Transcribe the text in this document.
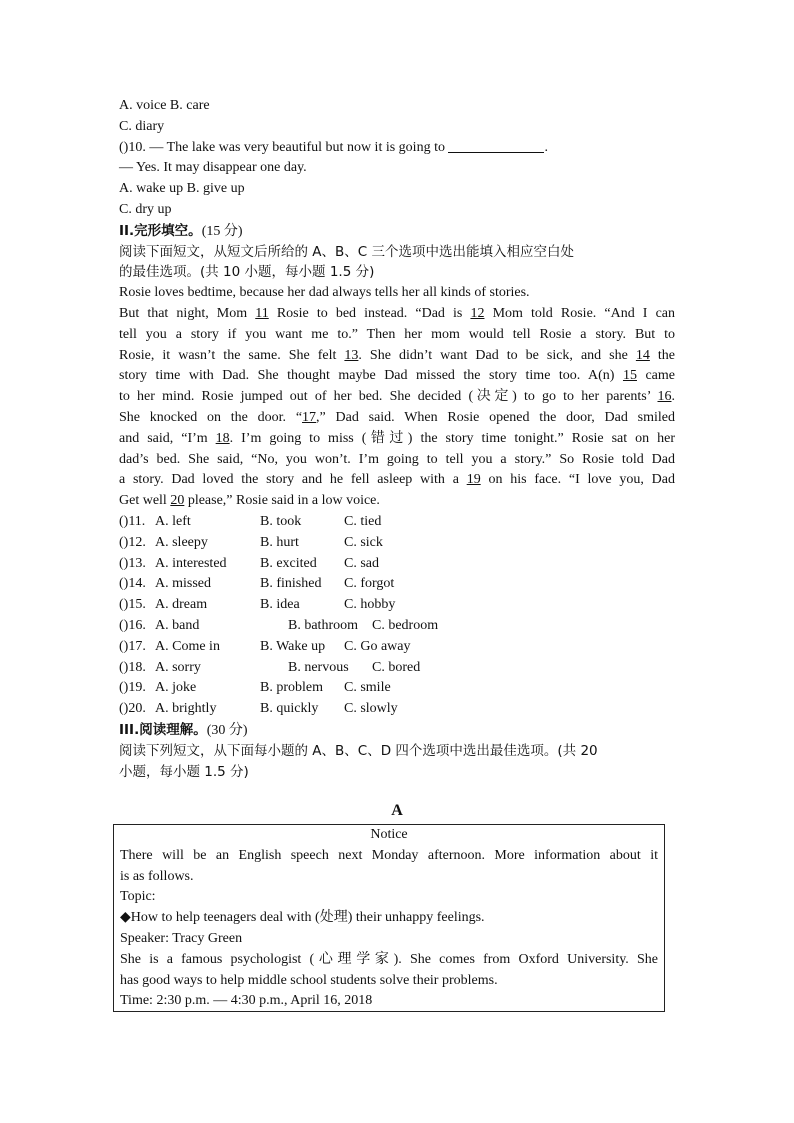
A. voice B. care
C. diary
()10. — The lake was very beautiful but now it is going to	.
— Yes. It may disappear one day.
A. wake up B. give up
C. dry up
II.完形填空。(15 分)
阅读下面短文，从短文后所给的 A、B、C 三个选项中选出能填入相应空白处
的最佳选项。(共 10 小题，每小题 1.5 分)
Rosie loves bedtime, because her dad always tells her all kinds of stories.
But that night, Mom 11 Rosie to bed instead. “Dad is 12 Mom told Rosie. “And I can
tell you a story if you want me to.” Then her mom would tell Rosie a story. But to
Rosie, it wasn’t the same. She felt 13. She didn’t want Dad to be sick, and she 14 the
story time with Dad. She thought maybe Dad missed the story time too. A(n) 15 came
to her mind. Rosie jumped out of her bed. She decided (决定) to go to her parents’ 16.
She knocked on the door. “17,” Dad said. When Rosie opened the door, Dad smiled
and said, “I’m 18. I’m going to miss (错过) the story time tonight.” Rosie sat on her
dad’s bed. She said, “No, you won’t. I’m going to tell you a story.” So Rosie told Dad
a story. Dad loved the story and he fell asleep with a 19 on his face. “I love you, Dad
Get well 20 please,” Rosie said in a low voice.
()11. A. left	B. took	C. tied
()12. A. sleepy	B. hurt	C. sick
()13. A. interested B. excited C. sad
()14. A. missed	B. finished C. forgot
()15. A. dream	B. idea	C. hobby
()16. A. band	B. bathroom C. bedroom
()17. A. Come in	B. Wake up C. Go away
()18. A. sorry	B. nervous C. bored
()19. A. joke	B. problem C. smile
()20. A. brightly	B. quickly C. slowly
III.阅读理解。(30 分)
阅读下列短文，从下面每小题的 A、B、C、D 四个选项中选出最佳选项。(共 20
小题，每小题 1.5 分)
A
Notice
There will be an English speech next Monday afternoon. More information about it
is as follows.
Topic:
◆How to help teenagers deal with (处理) their unhappy feelings.
Speaker: Tracy Green
She is a famous psychologist (心理学家). She comes from Oxford University. She
has good ways to help middle school students solve their problems.
Time: 2:30 p.m. — 4:30 p.m., April 16, 2018
